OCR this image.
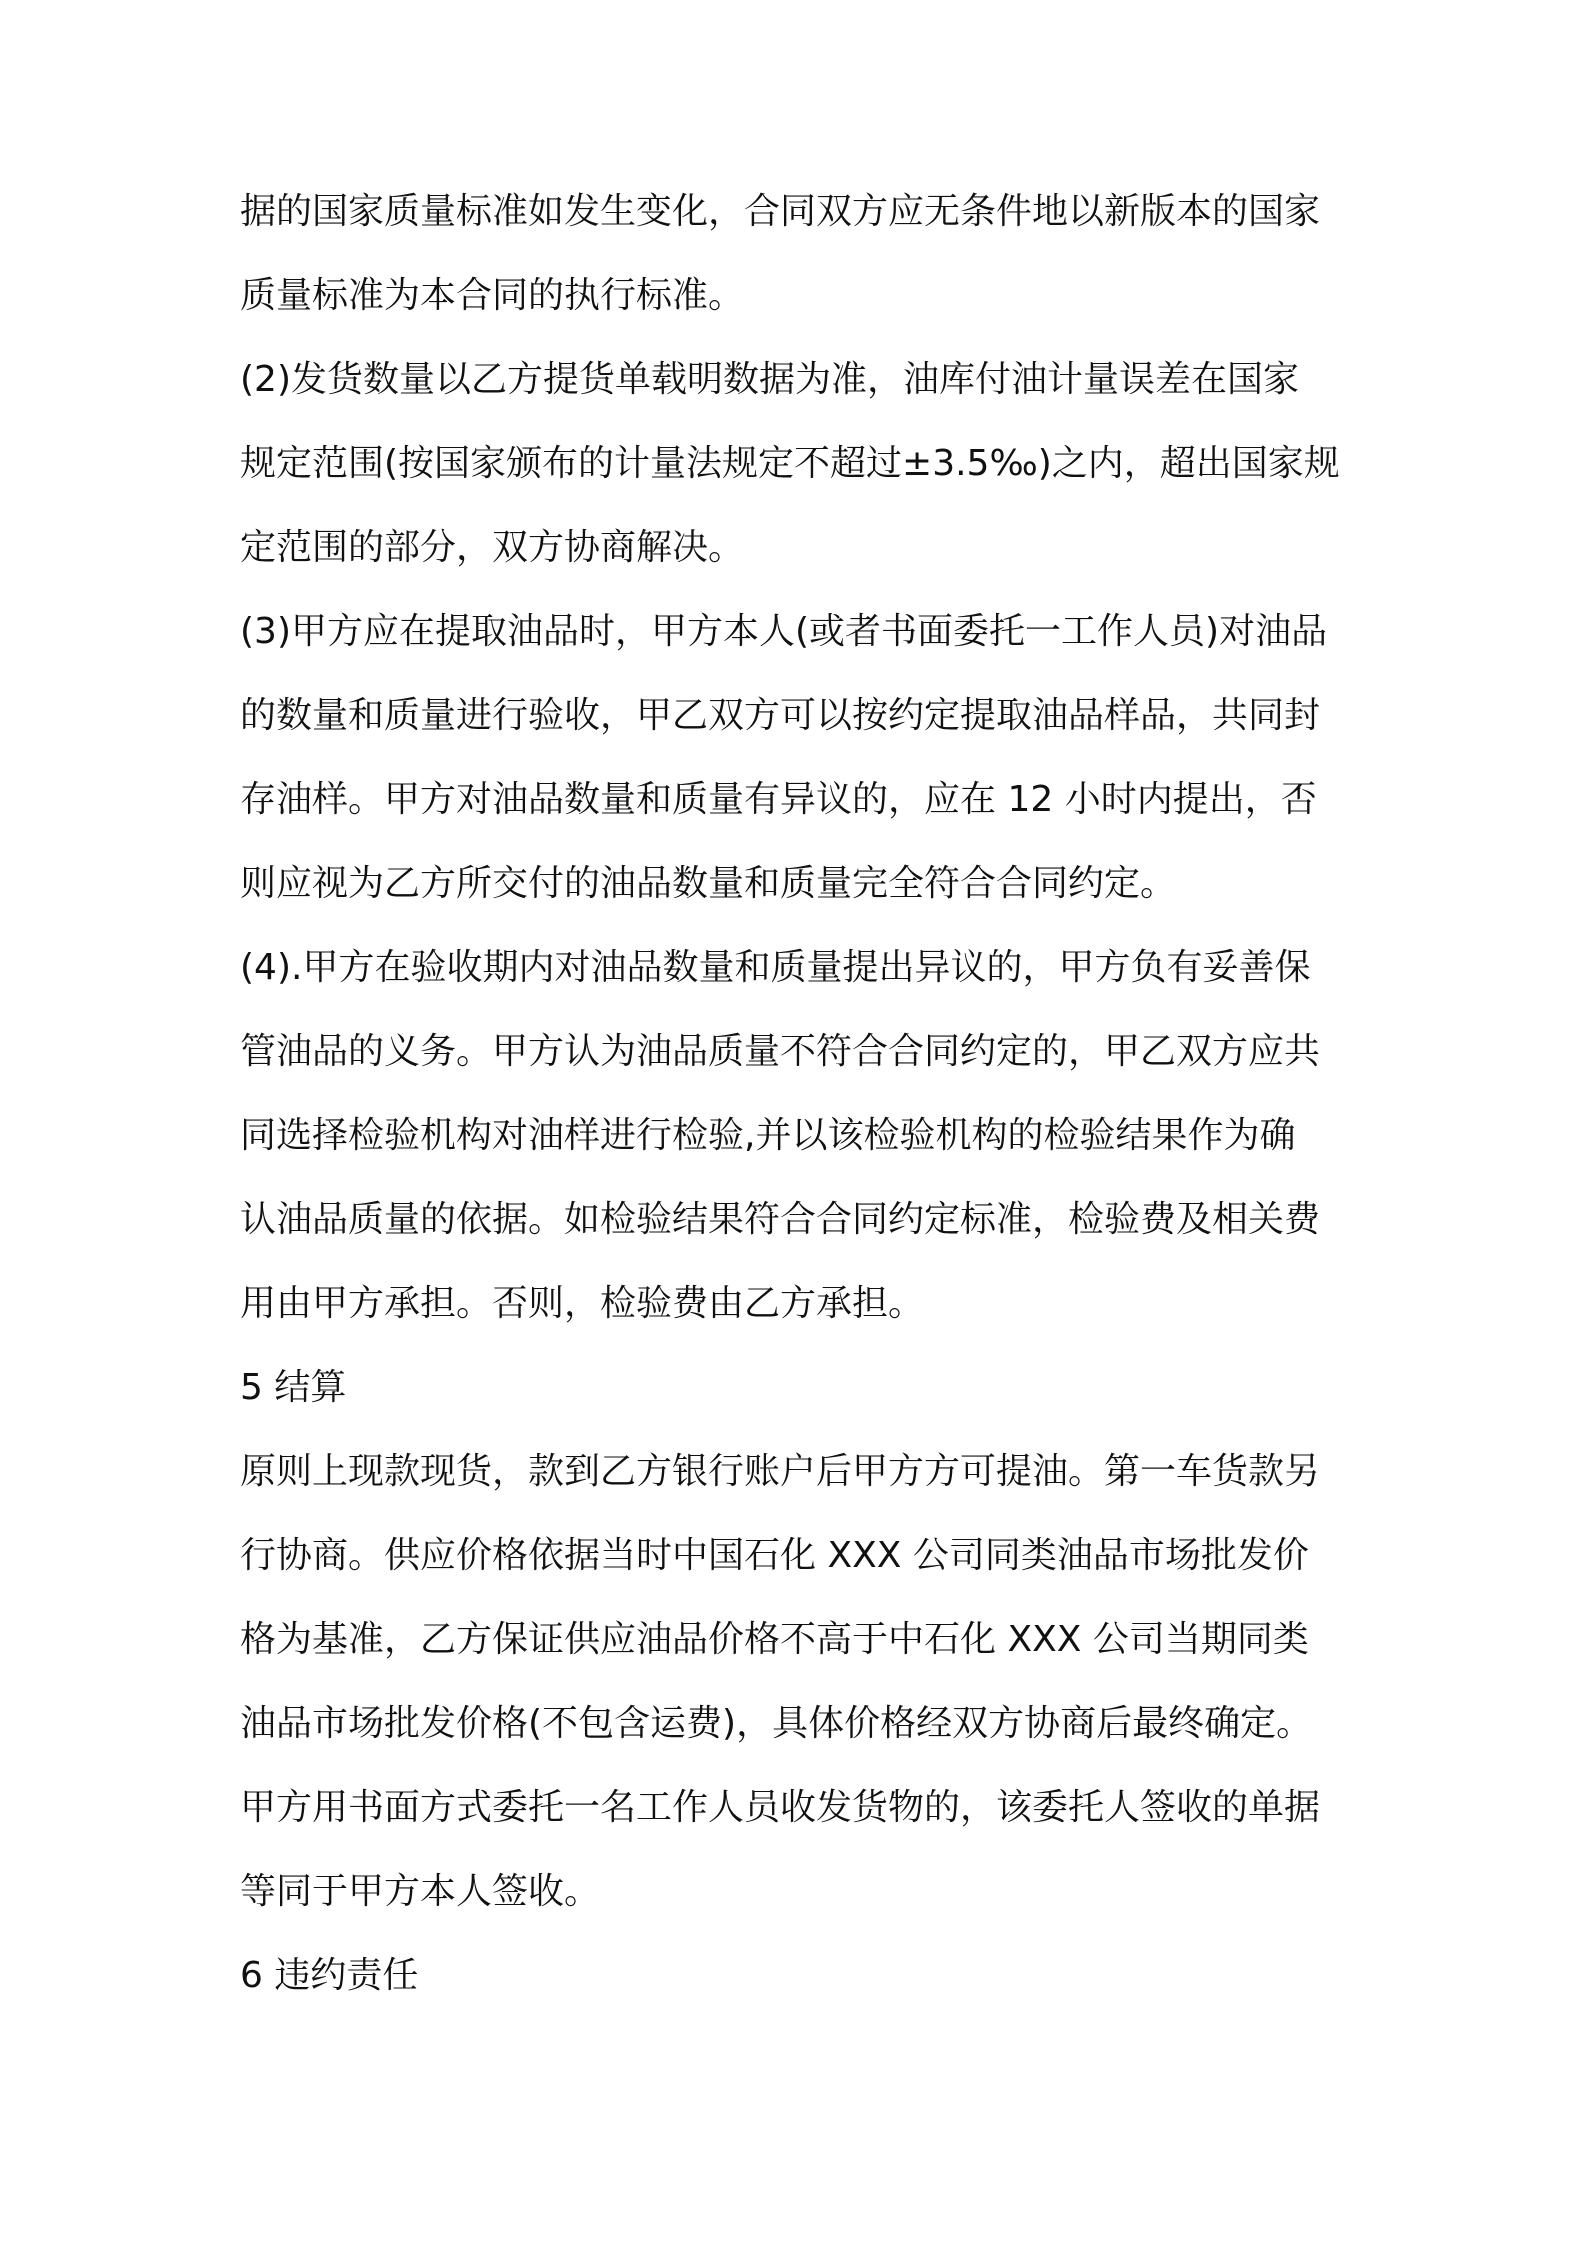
据的国家质量标准如发生变化，合同双方应无条件地以新版本的国家
质量标准为本合同的执行标准。
(2)发货数量以乙方提货单载明数据为准，油库付油计量误差在国家
规定范围(按国家颁布的计量法规定不超过±3.5‰)之内，超出国家规
定范围的部分，双方协商解决。
(3)甲方应在提取油品时，甲方本人(或者书面委托一工作人员)对油品
的数量和质量进行验收，甲乙双方可以按约定提取油品样品，共同封
存油样。甲方对油品数量和质量有异议的，应在 12 小时内提出，否
则应视为乙方所交付的油品数量和质量完全符合合同约定。
(4).甲方在验收期内对油品数量和质量提出异议的，甲方负有妥善保
管油品的义务。甲方认为油品质量不符合合同约定的，甲乙双方应共
同选择检验机构对油样进行检验,并以该检验机构的检验结果作为确
认油品质量的依据。如检验结果符合合同约定标准，检验费及相关费
用由甲方承担。否则，检验费由乙方承担。
5 结算
原则上现款现货，款到乙方银行账户后甲方方可提油。第一车货款另
行协商。供应价格依据当时中国石化 XXX 公司同类油品市场批发价
格为基准，乙方保证供应油品价格不高于中石化 XXX 公司当期同类
油品市场批发价格(不包含运费)，具体价格经双方协商后最终确定。
甲方用书面方式委托一名工作人员收发货物的，该委托人签收的单据
等同于甲方本人签收。
6 违约责任
